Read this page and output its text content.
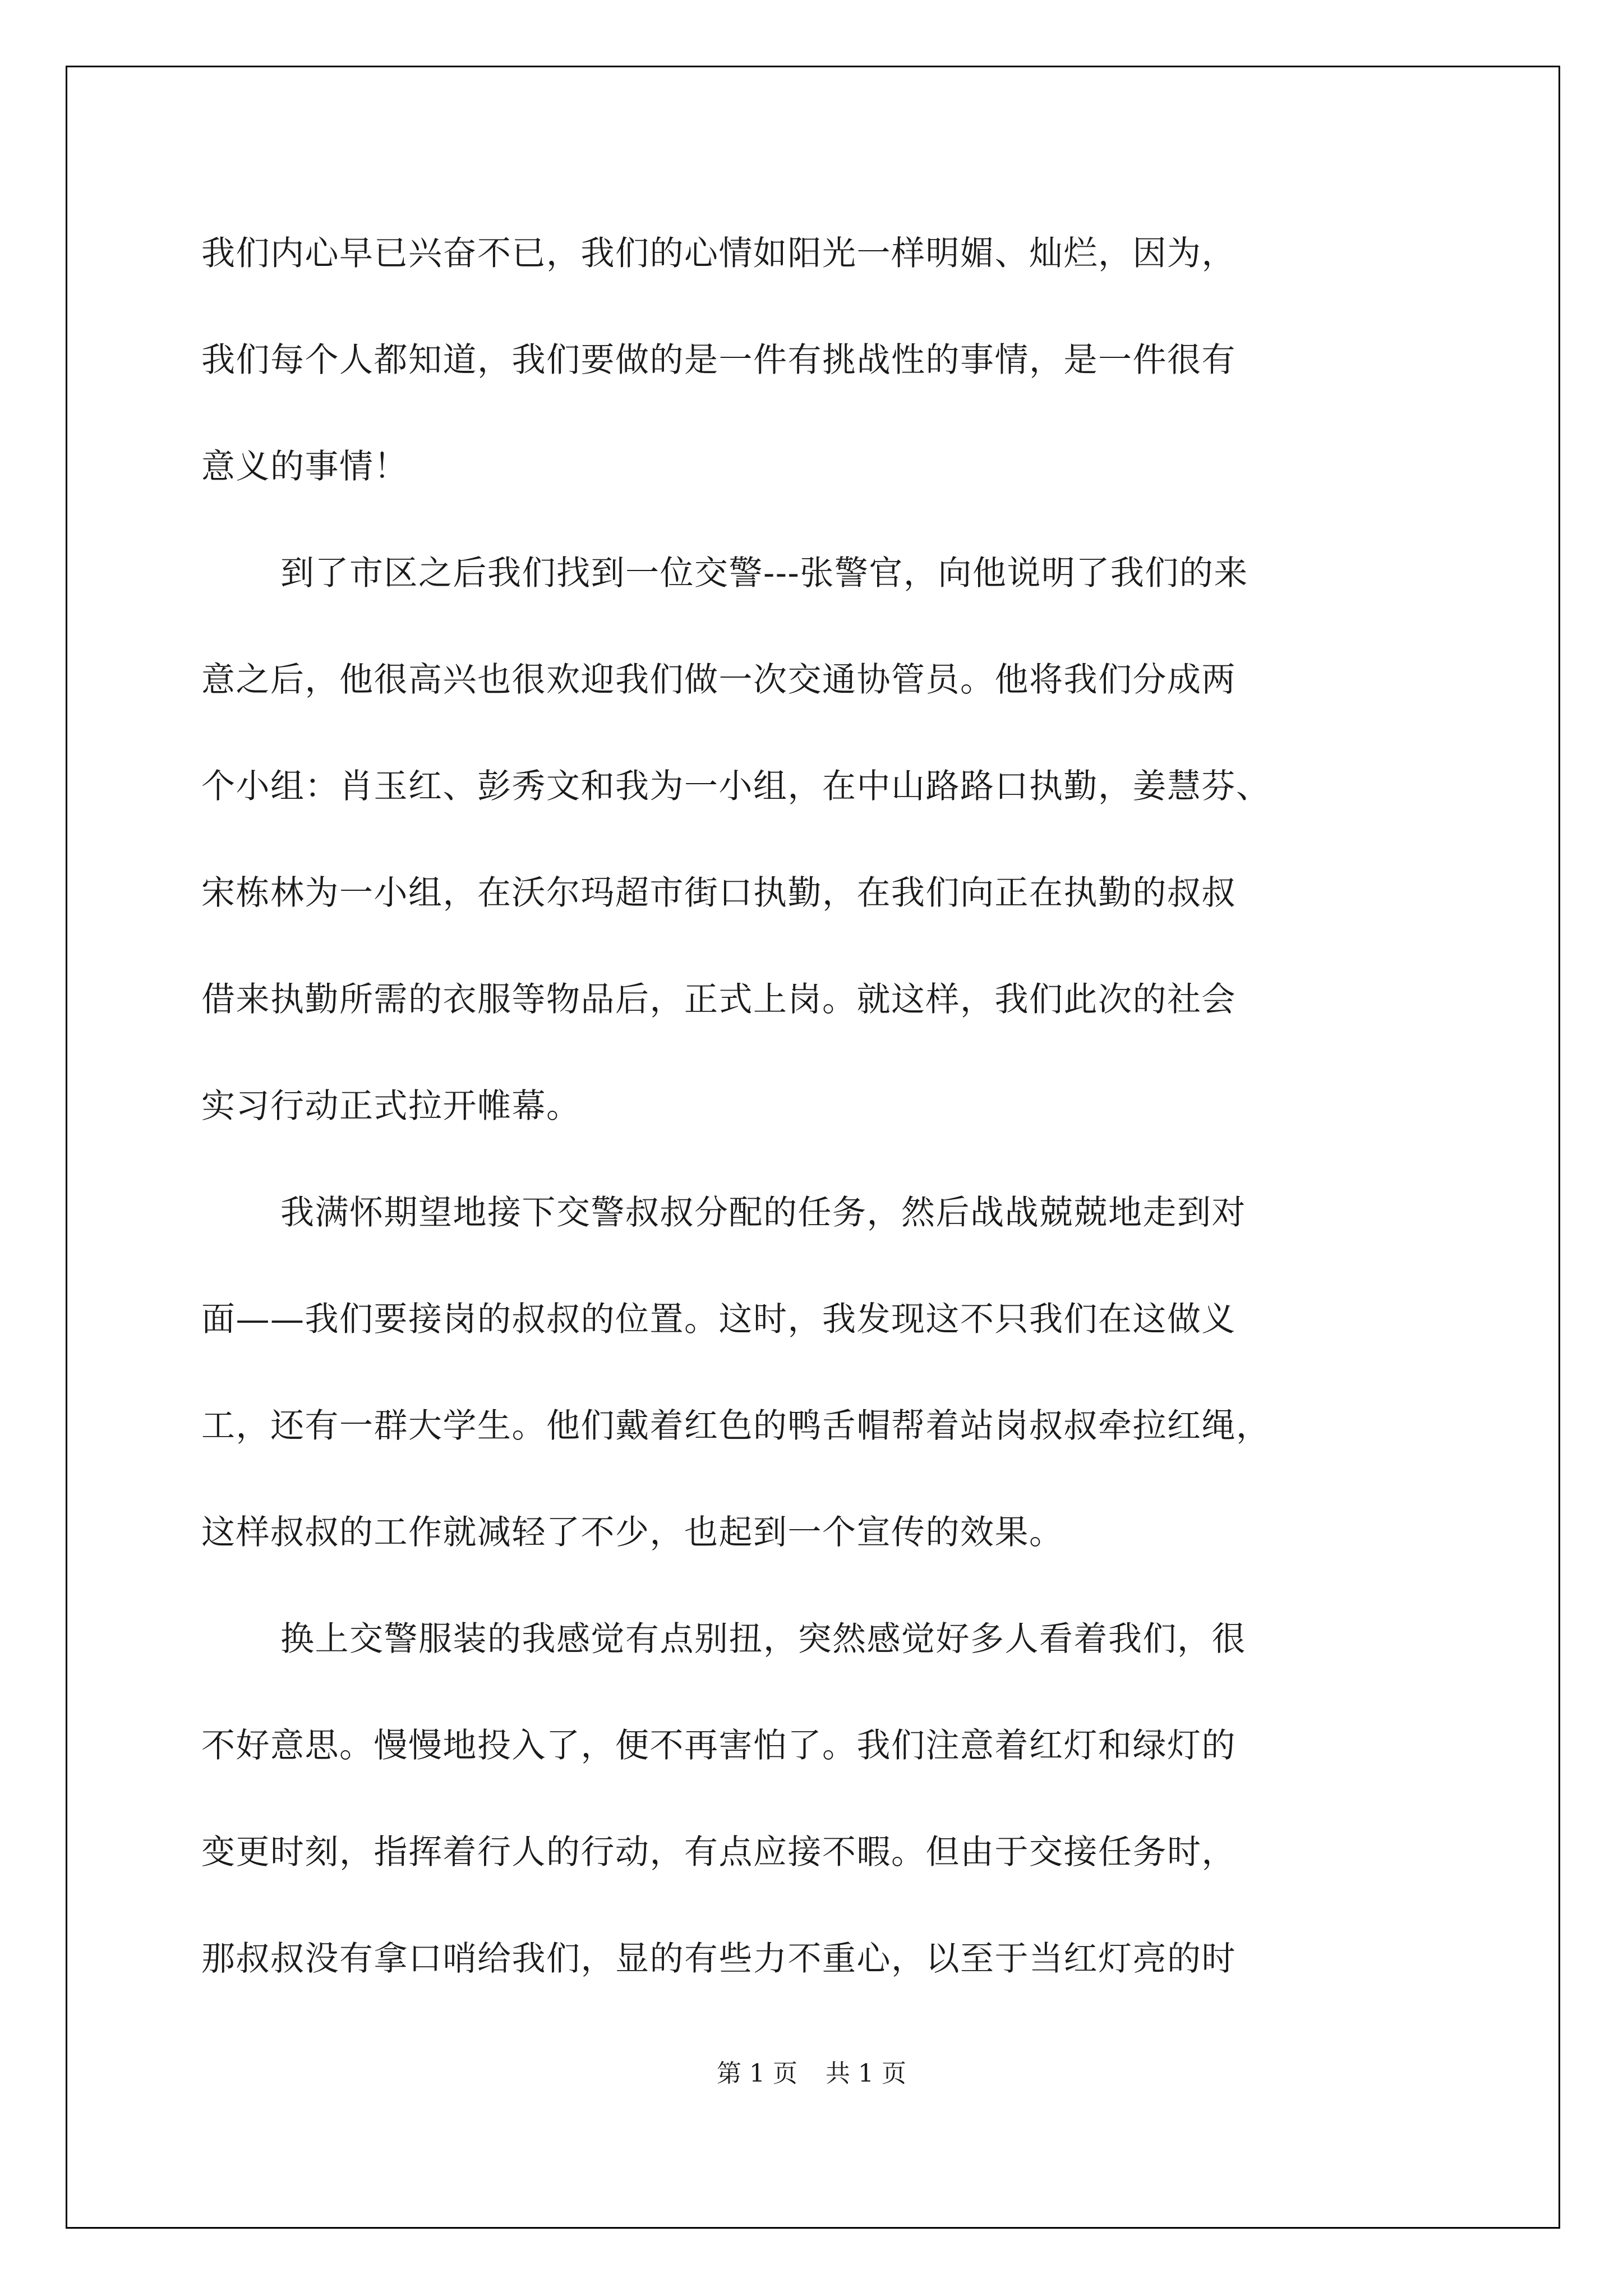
我们内心早已兴奋不已，我们的心情如阳光一样明媚、灿烂，因为，
我们每个人都知道，我们要做的是一件有挑战性的事情，是一件很有
意义的事情！
到了市区之后我们找到一位交警---张警官，向他说明了我们的来
意之后，他很高兴也很欢迎我们做一次交通协管员。他将我们分成两
个小组：肖玉红、彭秀文和我为一小组，在中山路路口执勤，姜慧芬、
宋栋林为一小组，在沃尔玛超市街口执勤，在我们向正在执勤的叔叔
借来执勤所需的衣服等物品后，正式上岗。就这样，我们此次的社会
实习行动正式拉开帷幕。
我满怀期望地接下交警叔叔分配的任务，然后战战兢兢地走到对
面——我们要接岗的叔叔的位置。这时，我发现这不只我们在这做义
工，还有一群大学生。他们戴着红色的鸭舌帽帮着站岗叔叔牵拉红绳，
这样叔叔的工作就减轻了不少，也起到一个宣传的效果。
换上交警服装的我感觉有点别扭，突然感觉好多人看着我们，很
不好意思。慢慢地投入了，便不再害怕了。我们注意着红灯和绿灯的
变更时刻，指挥着行人的行动，有点应接不暇。但由于交接任务时，
那叔叔没有拿口哨给我们，显的有些力不重心，以至于当红灯亮的时
第 1 页 共 1 页
